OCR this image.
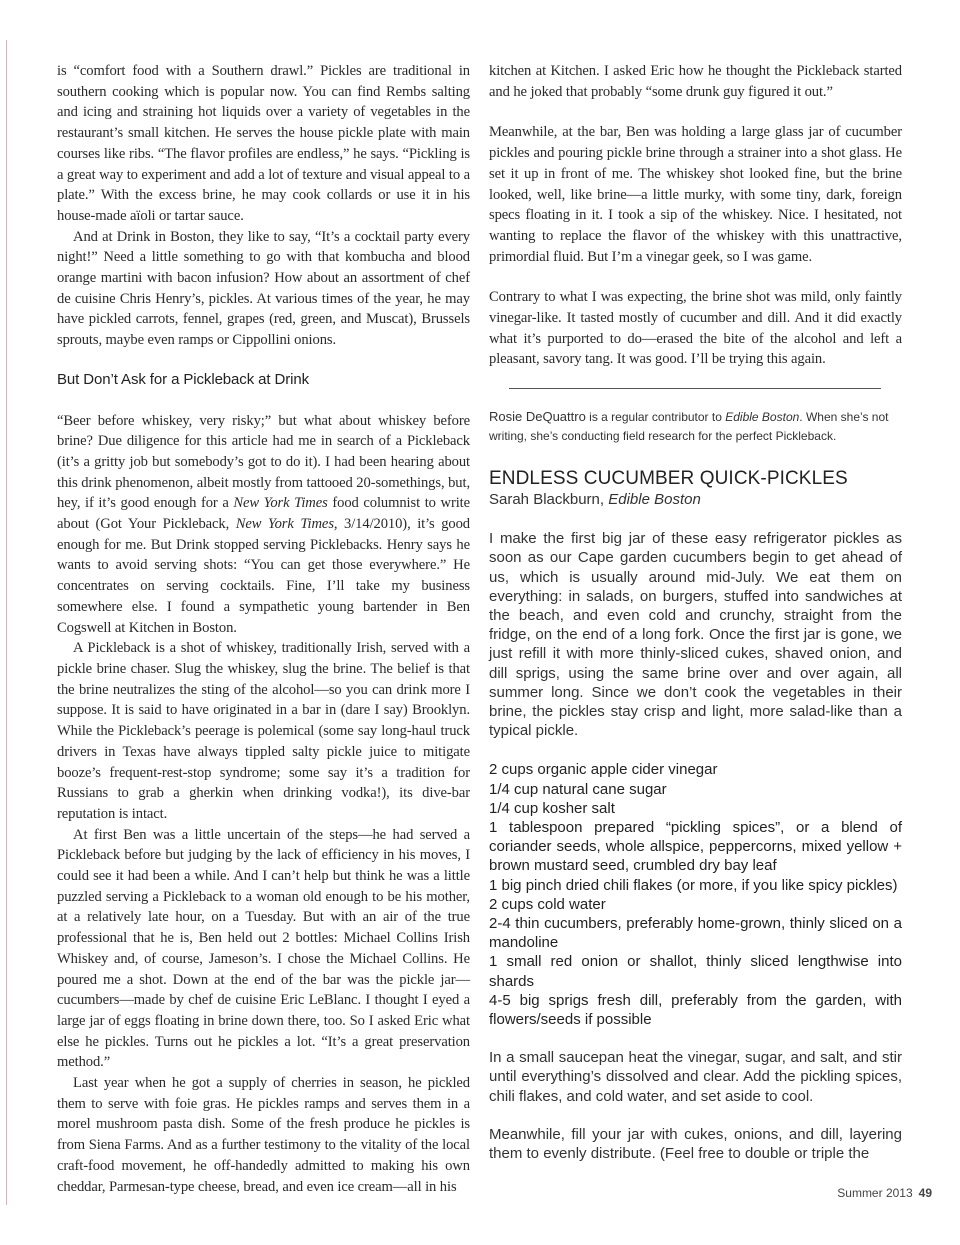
is “comfort food with a Southern drawl.” Pickles are traditional in southern cooking which is popular now. You can find Rembs salting and icing and straining hot liquids over a variety of vegetables in the restaurant’s small kitchen. He serves the house pickle plate with main courses like ribs. “The flavor profiles are endless,” he says. “Pickling is a great way to experiment and add a lot of texture and visual appeal to a plate.” With the excess brine, he may cook collards or use it in his house-made aïoli or tartar sauce.

And at Drink in Boston, they like to say, “It’s a cocktail party every night!” Need a little something to go with that kombucha and blood orange martini with bacon infusion? How about an assortment of chef de cuisine Chris Henry’s, pickles. At various times of the year, he may have pickled carrots, fennel, grapes (red, green, and Muscat), Brussels sprouts, maybe even ramps or Cippollini onions.

But Don’t Ask for a Pickleback at Drink

“Beer before whiskey, very risky;” but what about whiskey before brine? Due diligence for this article had me in search of a Pickleback (it’s a gritty job but somebody’s got to do it). I had been hearing about this drink phenomenon, albeit mostly from tattooed 20-somethings, but, hey, if it’s good enough for a New York Times food columnist to write about (Got Your Pickleback, New York Times, 3/14/2010), it’s good enough for me. But Drink stopped serving Picklebacks. Henry says he wants to avoid serving shots: “You can get those everywhere.” He concentrates on serving cocktails. Fine, I’ll take my business somewhere else. I found a sympathetic young bartender in Ben Cogswell at Kitchen in Boston.

A Pickleback is a shot of whiskey, traditionally Irish, served with a pickle brine chaser. Slug the whiskey, slug the brine. The belief is that the brine neutralizes the sting of the alcohol—so you can drink more I suppose. It is said to have originated in a bar in (dare I say) Brooklyn. While the Pickleback’s peerage is polemical (some say long-haul truck drivers in Texas have always tippled salty pickle juice to mitigate booze’s frequent-rest-stop syndrome; some say it’s a tradition for Russians to grab a gherkin when drinking vodka!), its dive-bar reputation is intact.

At first Ben was a little uncertain of the steps—he had served a Pickleback before but judging by the lack of efficiency in his moves, I could see it had been a while. And I can’t help but think he was a little puzzled serving a Pickleback to a woman old enough to be his mother, at a relatively late hour, on a Tuesday. But with an air of the true professional that he is, Ben held out 2 bottles: Michael Collins Irish Whiskey and, of course, Jameson’s. I chose the Michael Collins. He poured me a shot. Down at the end of the bar was the pickle jar—cucumbers—made by chef de cuisine Eric LeBlanc. I thought I eyed a large jar of eggs floating in brine down there, too. So I asked Eric what else he pickles. Turns out he pickles a lot. “It’s a great preservation method.”

Last year when he got a supply of cherries in season, he pickled them to serve with foie gras. He pickles ramps and serves them in a morel mushroom pasta dish. Some of the fresh produce he pickles is from Siena Farms. And as a further testimony to the vitality of the local craft-food movement, he off-handedly admitted to making his own cheddar, Parmesan-type cheese, bread, and even ice cream—all in his

kitchen at Kitchen. I asked Eric how he thought the Pickleback started and he joked that probably “some drunk guy figured it out.”

Meanwhile, at the bar, Ben was holding a large glass jar of cucumber pickles and pouring pickle brine through a strainer into a shot glass. He set it up in front of me. The whiskey shot looked fine, but the brine looked, well, like brine—a little murky, with some tiny, dark, foreign specs floating in it. I took a sip of the whiskey. Nice. I hesitated, not wanting to replace the flavor of the whiskey with this unattractive, primordial fluid. But I’m a vinegar geek, so I was game.

Contrary to what I was expecting, the brine shot was mild, only faintly vinegar-like. It tasted mostly of cucumber and dill. And it did exactly what it’s purported to do—erased the bite of the alcohol and left a pleasant, savory tang. It was good. I’ll be trying this again.

Rosie DeQuattro is a regular contributor to Edible Boston. When she’s not writing, she’s conducting field research for the perfect Pickleback.
ENDLESS CUCUMBER QUICK-PICKLES
Sarah Blackburn, Edible Boston

I make the first big jar of these easy refrigerator pickles as soon as our Cape garden cucumbers begin to get ahead of us, which is usually around mid-July. We eat them on everything: in salads, on burgers, stuffed into sandwiches at the beach, and even cold and crunchy, straight from the fridge, on the end of a long fork. Once the first jar is gone, we just refill it with more thinly-sliced cukes, shaved onion, and dill sprigs, using the same brine over and over again, all summer long. Since we don’t cook the vegetables in their brine, the pickles stay crisp and light, more salad-like than a typical pickle.

2 cups organic apple cider vinegar
1/4 cup natural cane sugar
1/4 cup kosher salt
1 tablespoon prepared “pickling spices”, or a blend of coriander seeds, whole allspice, peppercorns, mixed yellow + brown mustard seed, crumbled dry bay leaf
1 big pinch dried chili flakes (or more, if you like spicy pickles)
2 cups cold water
2-4 thin cucumbers, preferably home-grown, thinly sliced on a mandoline
1 small red onion or shallot, thinly sliced lengthwise into shards
4-5 big sprigs fresh dill, preferably from the garden, with flowers/seeds if possible

In a small saucepan heat the vinegar, sugar, and salt, and stir until everything’s dissolved and clear. Add the pickling spices, chili flakes, and cold water, and set aside to cool.

Meanwhile, fill your jar with cukes, onions, and dill, layering them to evenly distribute. (Feel free to double or triple the

Summer 2013 49
